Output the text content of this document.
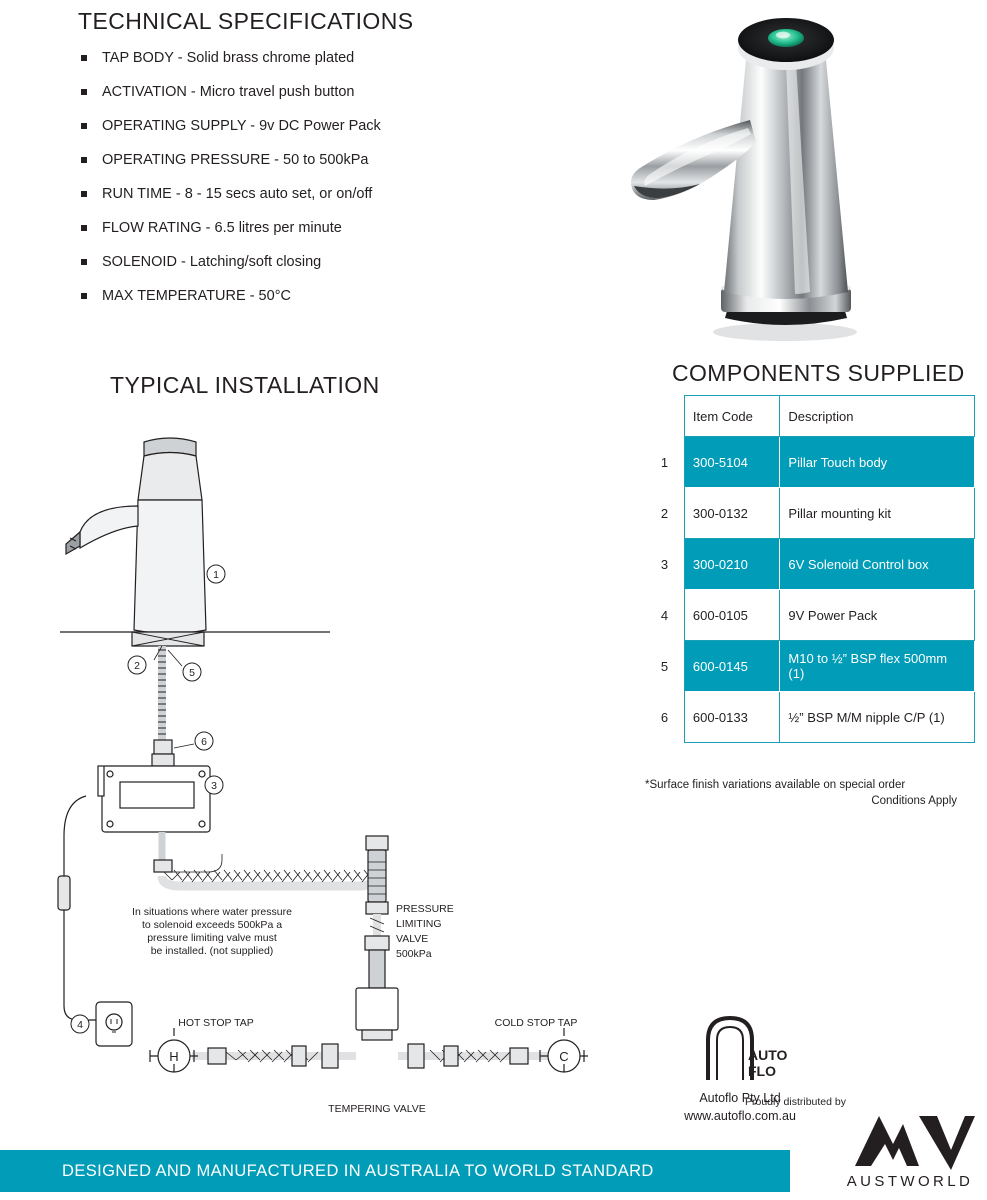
TECHNICAL SPECIFICATIONS
TAP BODY - Solid brass chrome plated
ACTIVATION - Micro travel push button
OPERATING SUPPLY - 9v DC Power Pack
OPERATING PRESSURE - 50 to 500kPa
RUN TIME - 8 - 15 secs auto set, or on/off
FLOW RATING - 6.5 litres per minute
SOLENOID - Latching/soft closing
MAX TEMPERATURE - 50°C
TYPICAL INSTALLATION
1
2
5
6
3
4
In situations where water pressure
to solenoid exceeds 500kPa a
pressure limiting valve must
be installed. (not supplied)
PRESSURE
LIMITING
VALVE
500kPa
H	C
HOT STOP TAP	COLD STOP TAP
TEMPERING VALVE
COMPONENTS SUPPLIED
	Item Code	Description
1	300-5104	Pillar Touch body
2	300-0132	Pillar mounting kit
3	300-0210	6V Solenoid Control box
4	600-0105	9V Power Pack
5	600-0145	M10 to ½” BSP flex 500mm (1)
6	600-0133	½” BSP M/M nipple C/P (1)
*Surface finish variations available on special order
Conditions Apply
AUTO
FLO
Autoflo Pty Ltd
www.autoflo.com.au
Proudly distributed by
AUSTWORLD
DESIGNED AND MANUFACTURED IN AUSTRALIA TO WORLD STANDARD
